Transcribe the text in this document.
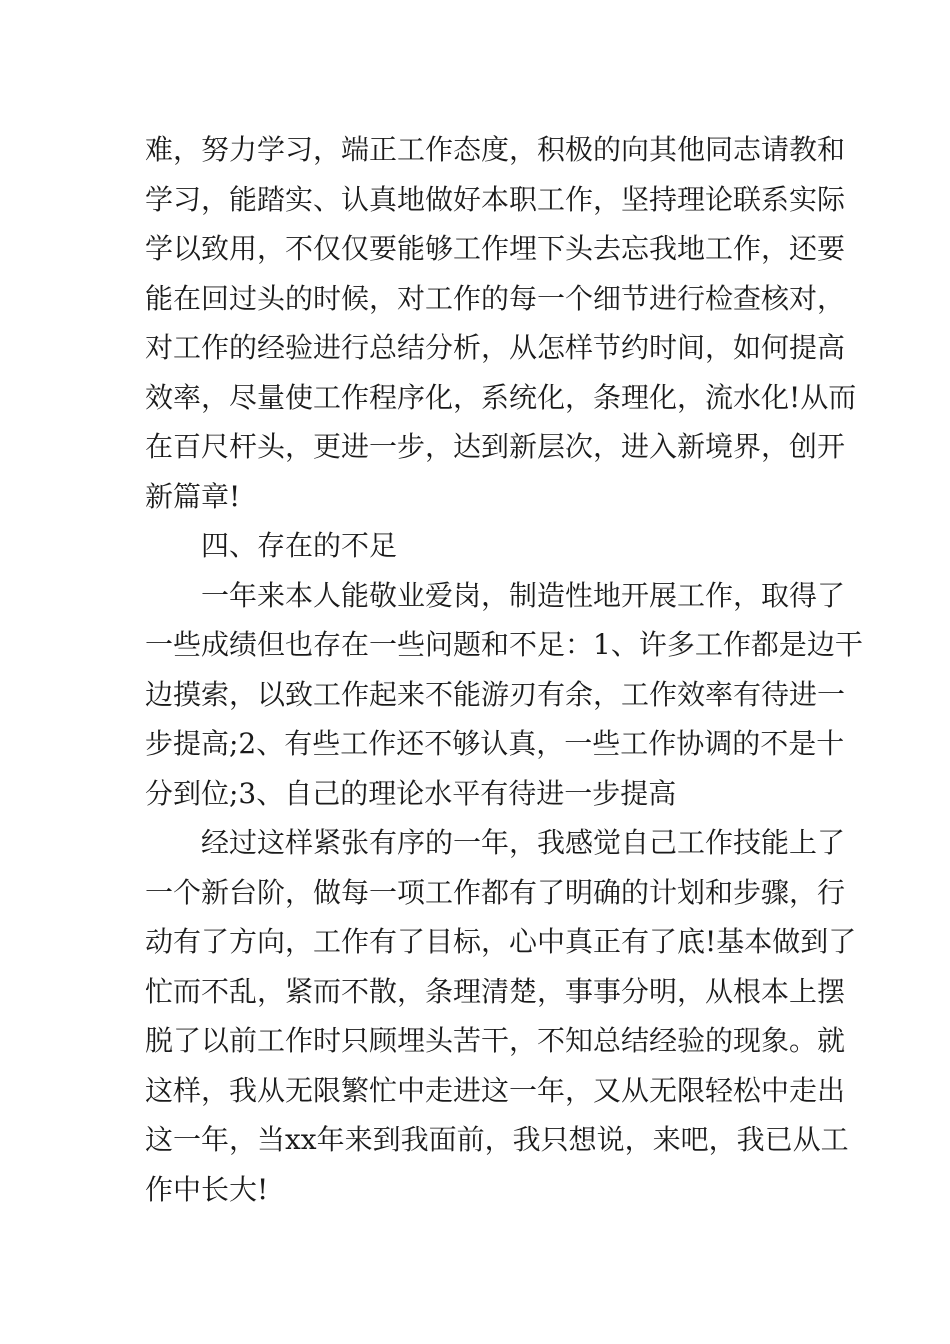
难，努力学习，端正工作态度，积极的向其他同志请教和
学习，能踏实、认真地做好本职工作，坚持理论联系实际
学以致用，不仅仅要能够工作埋下头去忘我地工作，还要
能在回过头的时候，对工作的每一个细节进行检查核对，
对工作的经验进行总结分析，从怎样节约时间，如何提高
效率，尽量使工作程序化，系统化，条理化，流水化!从而
在百尺杆头，更进一步，达到新层次，进入新境界，创开
新篇章!
四、存在的不足
一年来本人能敬业爱岗，制造性地开展工作，取得了
一些成绩但也存在一些问题和不足：1、许多工作都是边干
边摸索，以致工作起来不能游刃有余，工作效率有待进一
步提高;2、有些工作还不够认真，一些工作协调的不是十
分到位;3、自己的理论水平有待进一步提高
经过这样紧张有序的一年，我感觉自己工作技能上了
一个新台阶，做每一项工作都有了明确的计划和步骤，行
动有了方向，工作有了目标，心中真正有了底!基本做到了
忙而不乱，紧而不散，条理清楚，事事分明，从根本上摆
脱了以前工作时只顾埋头苦干，不知总结经验的现象。就
这样，我从无限繁忙中走进这一年，又从无限轻松中走出
这一年，当xx年来到我面前，我只想说，来吧，我已从工
作中长大!
